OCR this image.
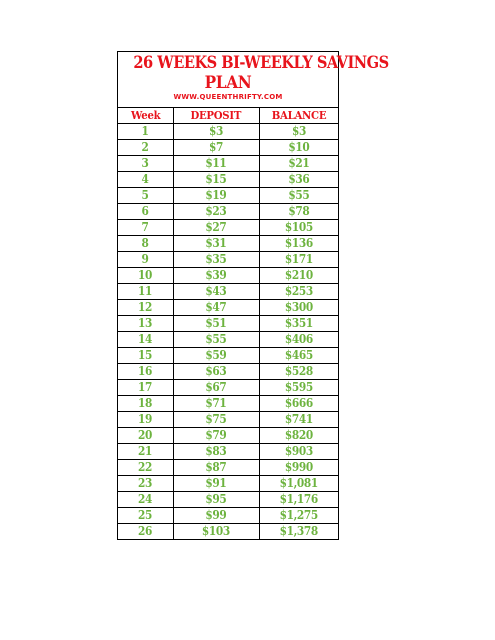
26 WEEKS BI-WEEKLY SAVINGS
PLAN
WWW.QUEENTHRIFTY.COM
Week	DEPOSIT	BALANCE
1	$3	$3
2	$7	$10
3	$11	$21
4	$15	$36
5	$19	$55
6	$23	$78
7	$27	$105
8	$31	$136
9	$35	$171
10	$39	$210
11	$43	$253
12	$47	$300
13	$51	$351
14	$55	$406
15	$59	$465
16	$63	$528
17	$67	$595
18	$71	$666
19	$75	$741
20	$79	$820
21	$83	$903
22	$87	$990
23	$91	$1,081
24	$95	$1,176
25	$99	$1,275
26	$103	$1,378
